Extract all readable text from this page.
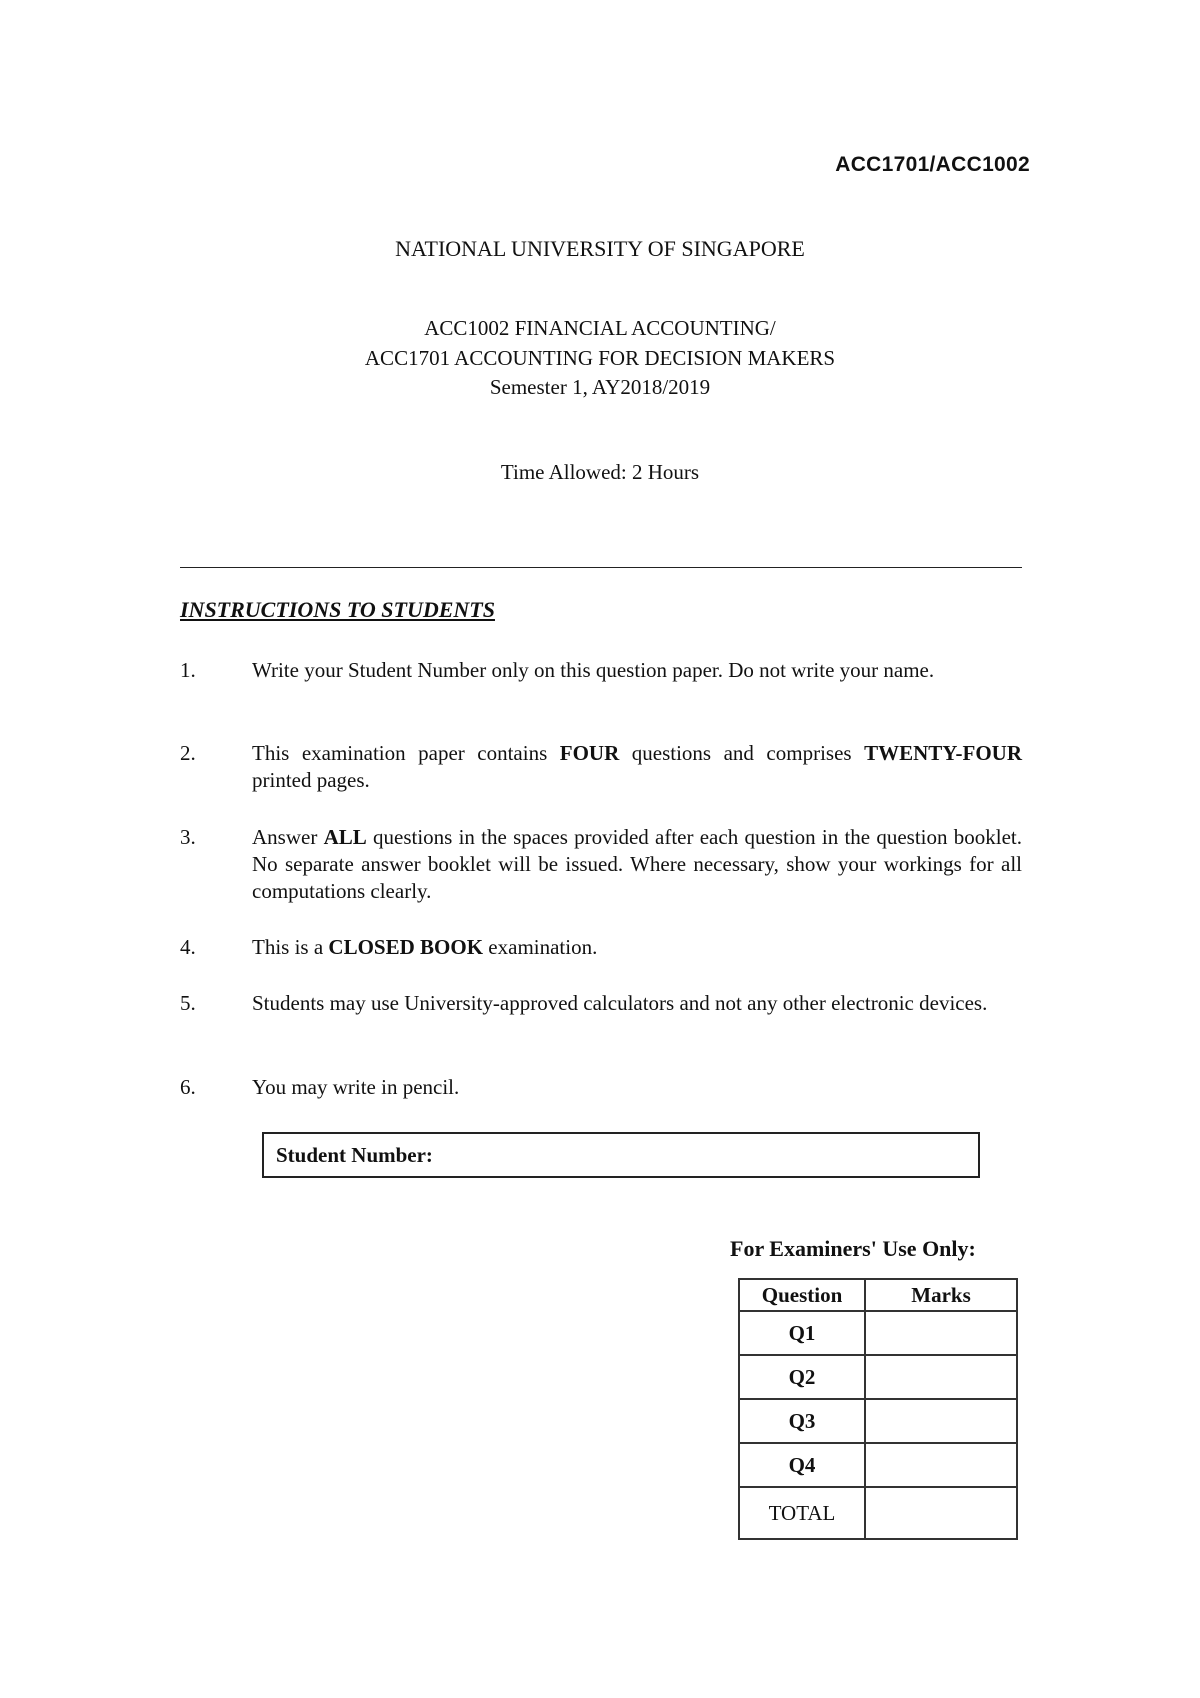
ACC1701/ACC1002
NATIONAL UNIVERSITY OF SINGAPORE
ACC1002 FINANCIAL ACCOUNTING/
ACC1701 ACCOUNTING FOR DECISION MAKERS
Semester 1, AY2018/2019
Time Allowed: 2 Hours
INSTRUCTIONS TO STUDENTS
1.	Write your Student Number only on this question paper. Do not write your name.
2.	This examination paper contains FOUR questions and comprises TWENTY-FOUR printed pages.
3.	Answer ALL questions in the spaces provided after each question in the question booklet. No separate answer booklet will be issued. Where necessary, show your workings for all computations clearly.
4.	This is a CLOSED BOOK examination.
5.	Students may use University-approved calculators and not any other electronic devices.
6.	You may write in pencil.
Student Number:
For Examiners' Use Only:
Question	Marks
Q1	
Q2	
Q3	
Q4	
TOTAL	
